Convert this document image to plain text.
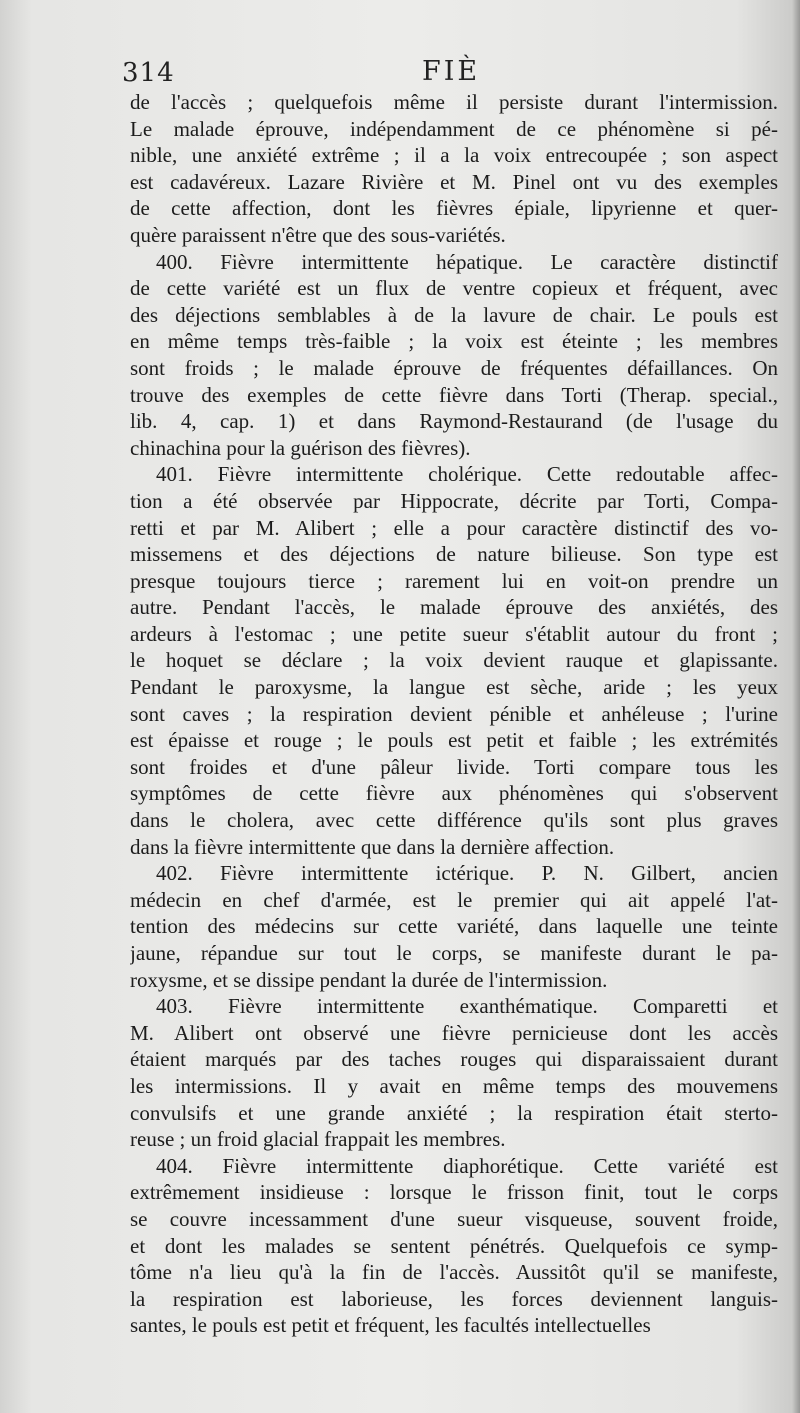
314	FIÈ
de l'accès ; quelquefois même il persiste durant l'intermission.
Le malade éprouve, indépendamment de ce phénomène si pé-
nible, une anxiété extrême ; il a la voix entrecoupée ; son aspect
est cadavéreux. Lazare Rivière et M. Pinel ont vu des exemples
de cette affection, dont les fièvres épiale, lipyrienne et quer-
quère paraissent n'être que des sous-variétés.
400. Fièvre intermittente hépatique. Le caractère distinctif
de cette variété est un flux de ventre copieux et fréquent, avec
des déjections semblables à de la lavure de chair. Le pouls est
en même temps très-faible ; la voix est éteinte ; les membres
sont froids ; le malade éprouve de fréquentes défaillances. On
trouve des exemples de cette fièvre dans Torti (Therap. special.,
lib. 4, cap. 1) et dans Raymond-Restaurand (de l'usage du
chinachina pour la guérison des fièvres).
401. Fièvre intermittente cholérique. Cette redoutable affec-
tion a été observée par Hippocrate, décrite par Torti, Compa-
retti et par M. Alibert ; elle a pour caractère distinctif des vo-
missemens et des déjections de nature bilieuse. Son type est
presque toujours tierce ; rarement lui en voit-on prendre un
autre. Pendant l'accès, le malade éprouve des anxiétés, des
ardeurs à l'estomac ; une petite sueur s'établit autour du front ;
le hoquet se déclare ; la voix devient rauque et glapissante.
Pendant le paroxysme, la langue est sèche, aride ; les yeux
sont caves ; la respiration devient pénible et anhéleuse ; l'urine
est épaisse et rouge ; le pouls est petit et faible ; les extrémités
sont froides et d'une pâleur livide. Torti compare tous les
symptômes de cette fièvre aux phénomènes qui s'observent
dans le cholera, avec cette différence qu'ils sont plus graves
dans la fièvre intermittente que dans la dernière affection.
402. Fièvre intermittente ictérique. P. N. Gilbert, ancien
médecin en chef d'armée, est le premier qui ait appelé l'at-
tention des médecins sur cette variété, dans laquelle une teinte
jaune, répandue sur tout le corps, se manifeste durant le pa-
roxysme, et se dissipe pendant la durée de l'intermission.
403. Fièvre intermittente exanthématique. Comparetti et
M. Alibert ont observé une fièvre pernicieuse dont les accès
étaient marqués par des taches rouges qui disparaissaient durant
les intermissions. Il y avait en même temps des mouvemens
convulsifs et une grande anxiété ; la respiration était sterto-
reuse ; un froid glacial frappait les membres.
404. Fièvre intermittente diaphorétique. Cette variété est
extrêmement insidieuse : lorsque le frisson finit, tout le corps
se couvre incessamment d'une sueur visqueuse, souvent froide,
et dont les malades se sentent pénétrés. Quelquefois ce symp-
tôme n'a lieu qu'à la fin de l'accès. Aussitôt qu'il se manifeste,
la respiration est laborieuse, les forces deviennent languis-
santes, le pouls est petit et fréquent, les facultés intellectuelles
